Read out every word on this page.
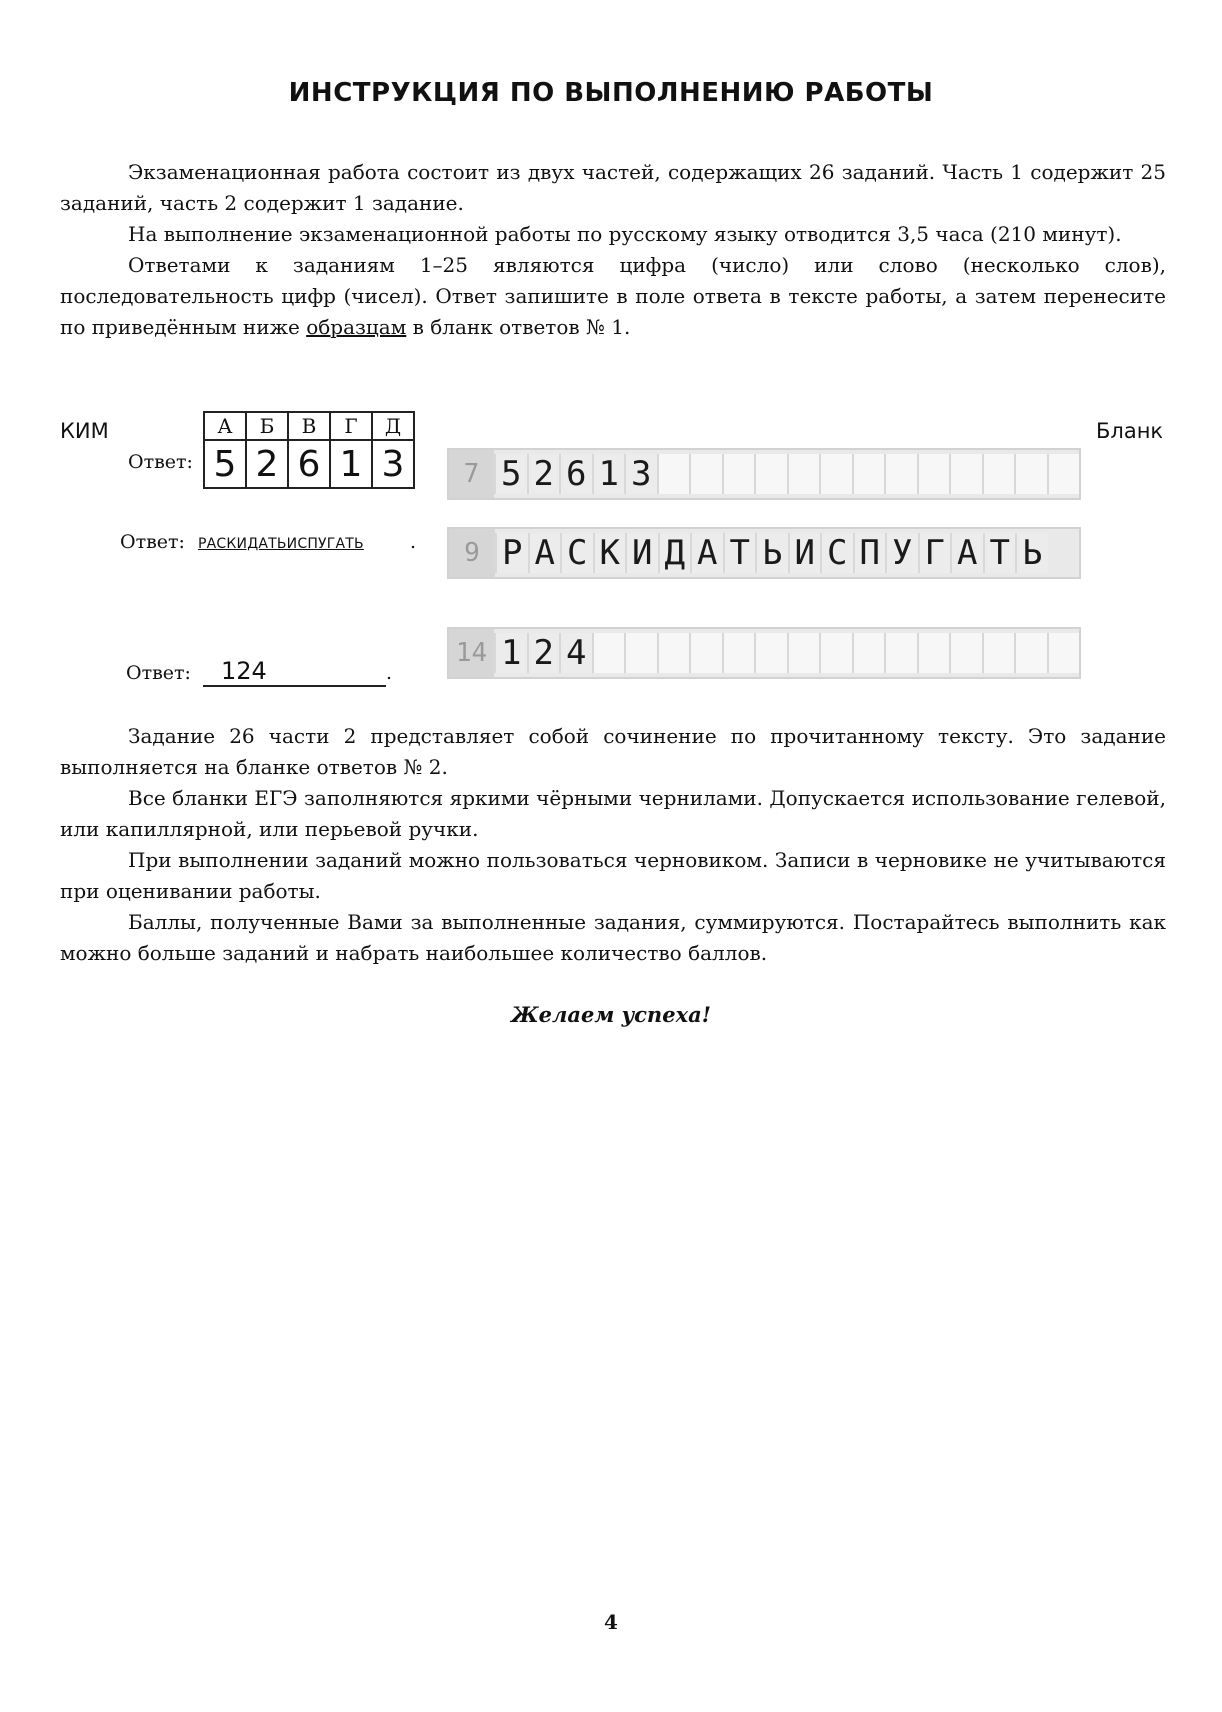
ИНСТРУКЦИЯ ПО ВЫПОЛНЕНИЮ РАБОТЫ

Экзаменационная работа состоит из двух частей, содержащих 26 заданий. Часть 1 содержит 25 заданий, часть 2 содержит 1 задание.

На выполнение экзаменационной работы по русскому языку отводится 3,5 часа (210 минут).

Ответами к заданиям 1–25 являются цифра (число) или слово (несколько слов), последовательность цифр (чисел). Ответ запишите в поле ответа в тексте работы, а затем перенесите по приведённым ниже образцам в бланк ответов № 1.

КИМ	Бланк
Ответ:
А	Б	В	Г	Д
5	2	6	1	3
Ответ: РАСКИДАТЬИСПУГАТЬ .
Ответ: 124	.
7 5 2 6 1 3
9 Р А С К И Д А Т Ь И С П У Г А Т Ь
14 1 2 4

Задание 26 части 2 представляет собой сочинение по прочитанному тексту. Это задание выполняется на бланке ответов № 2.

Все бланки ЕГЭ заполняются яркими чёрными чернилами. Допускается использование гелевой, или капиллярной, или перьевой ручки.

При выполнении заданий можно пользоваться черновиком. Записи в черновике не учитываются при оценивании работы.

Баллы, полученные Вами за выполненные задания, суммируются. Постарайтесь выполнить как можно больше заданий и набрать наибольшее количество баллов.

Желаем успеха!
4
